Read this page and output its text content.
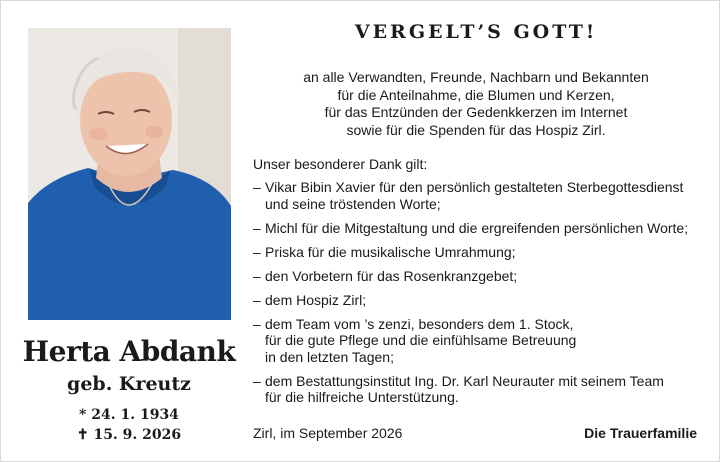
Herta Abdank
geb. Kreutz
* 24. 1. 1934
✝ 15. 9. 2026
VERGELT’S GOTT!
an alle Verwandten, Freunde, Nachbarn und Bekannten
für die Anteilnahme, die Blumen und Kerzen,
für das Entzünden der Gedenkkerzen im Internet
sowie für die Spenden für das Hospiz Zirl.
Unser besonderer Dank gilt:
– Vikar Bibin Xavier für den persönlich gestalteten Sterbegottesdienst
und seine tröstenden Worte;
– Michl für die Mitgestaltung und die ergreifenden persönlichen Worte;
– Priska für die musikalische Umrahmung;
– den Vorbetern für das Rosenkranzgebet;
– dem Hospiz Zirl;
– dem Team vom ’s zenzi, besonders dem 1. Stock,
für die gute Pflege und die einfühlsame Betreuung
in den letzten Tagen;
– dem Bestattungsinstitut Ing. Dr. Karl Neurauter mit seinem Team
für die hilfreiche Unterstützung.
Zirl, im September 2026	Die Trauerfamilie
